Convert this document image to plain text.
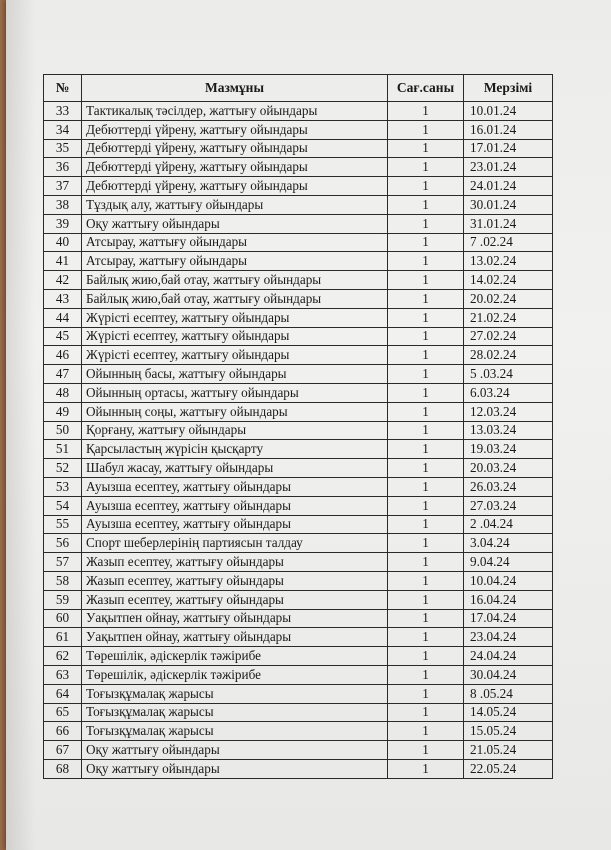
№	Мазмұны	Сағ.саны	Мерзімі
33	Тактикалық тәсілдер, жаттығу ойындары	1	10.01.24
34	Дебюттерді үйрену, жаттығу ойындары	1	16.01.24
35	Дебюттерді үйрену, жаттығу ойындары	1	17.01.24
36	Дебюттерді үйрену, жаттығу ойындары	1	23.01.24
37	Дебюттерді үйрену, жаттығу ойындары	1	24.01.24
38	Тұздық алу, жаттығу ойындары	1	30.01.24
39	Оқу жаттығу ойындары	1	31.01.24
40	Атсырау, жаттығу ойындары	1	7 .02.24
41	Атсырау, жаттығу ойындары	1	13.02.24
42	Байлық жию,бай отау, жаттығу ойындары	1	14.02.24
43	Байлық жию,бай отау, жаттығу ойындары	1	20.02.24
44	Жүрісті есептеу, жаттығу ойындары	1	21.02.24
45	Жүрісті есептеу, жаттығу ойындары	1	27.02.24
46	Жүрісті есептеу, жаттығу ойындары	1	28.02.24
47	Ойынның басы, жаттығу ойындары	1	5 .03.24
48	Ойынның ортасы, жаттығу ойындары	1	6.03.24
49	Ойынның соңы, жаттығу ойындары	1	12.03.24
50	Қорғану, жаттығу ойындары	1	13.03.24
51	Қарсыластың жүрісін қысқарту	1	19.03.24
52	Шабул жасау, жаттығу ойындары	1	20.03.24
53	Ауызша есептеу, жаттығу ойындары	1	26.03.24
54	Ауызша есептеу, жаттығу ойындары	1	27.03.24
55	Ауызша есептеу, жаттығу ойындары	1	2 .04.24
56	Спорт шеберлерінің партиясын талдау	1	3.04.24
57	Жазып есептеу, жаттығу ойындары	1	9.04.24
58	Жазып есептеу, жаттығу ойындары	1	10.04.24
59	Жазып есептеу, жаттығу ойындары	1	16.04.24
60	Уақытпен ойнау, жаттығу ойындары	1	17.04.24
61	Уақытпен ойнау, жаттығу ойындары	1	23.04.24
62	Төрешілік, әдіскерлік тәжірибе	1	24.04.24
63	Төрешілік, әдіскерлік тәжірибе	1	30.04.24
64	Тоғызқұмалақ жарысы	1	8 .05.24
65	Тоғызқұмалақ жарысы	1	14.05.24
66	Тоғызқұмалақ жарысы	1	15.05.24
67	Оқу жаттығу ойындары	1	21.05.24
68	Оқу жаттығу ойындары	1	22.05.24
